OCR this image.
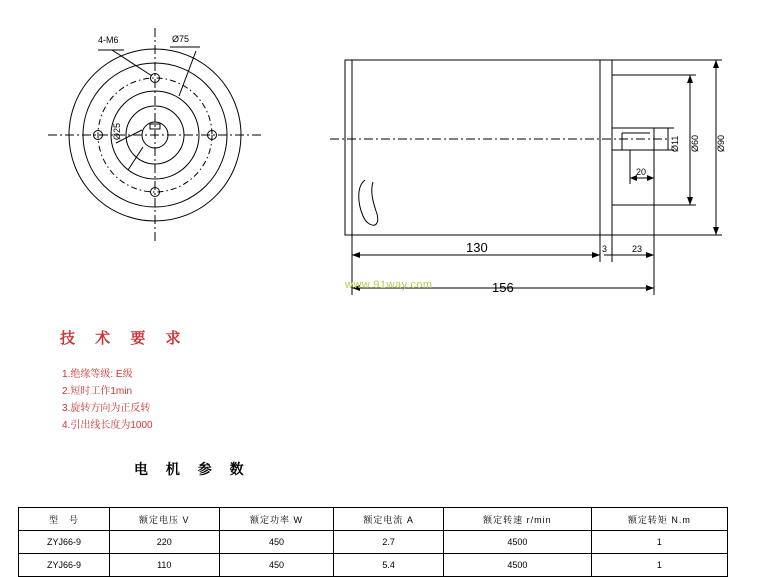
4-M6	Ø75
Ø25
130	3	23
156
20
Ø11 Ø60 Ø90
www.91way.com
技 术 要 求
1.绝缘等级: E级
2.短时工作1min
3.旋转方向为正反转
4.引出线长度为1000
电 机 参 数
型　号	额定电压 V	额定功率 W	额定电流 A	额定转速 r/min	额定转矩 N.m
ZYJ66-9	220	450	2.7	4500	1
ZYJ66-9	110	450	5.4	4500	1
